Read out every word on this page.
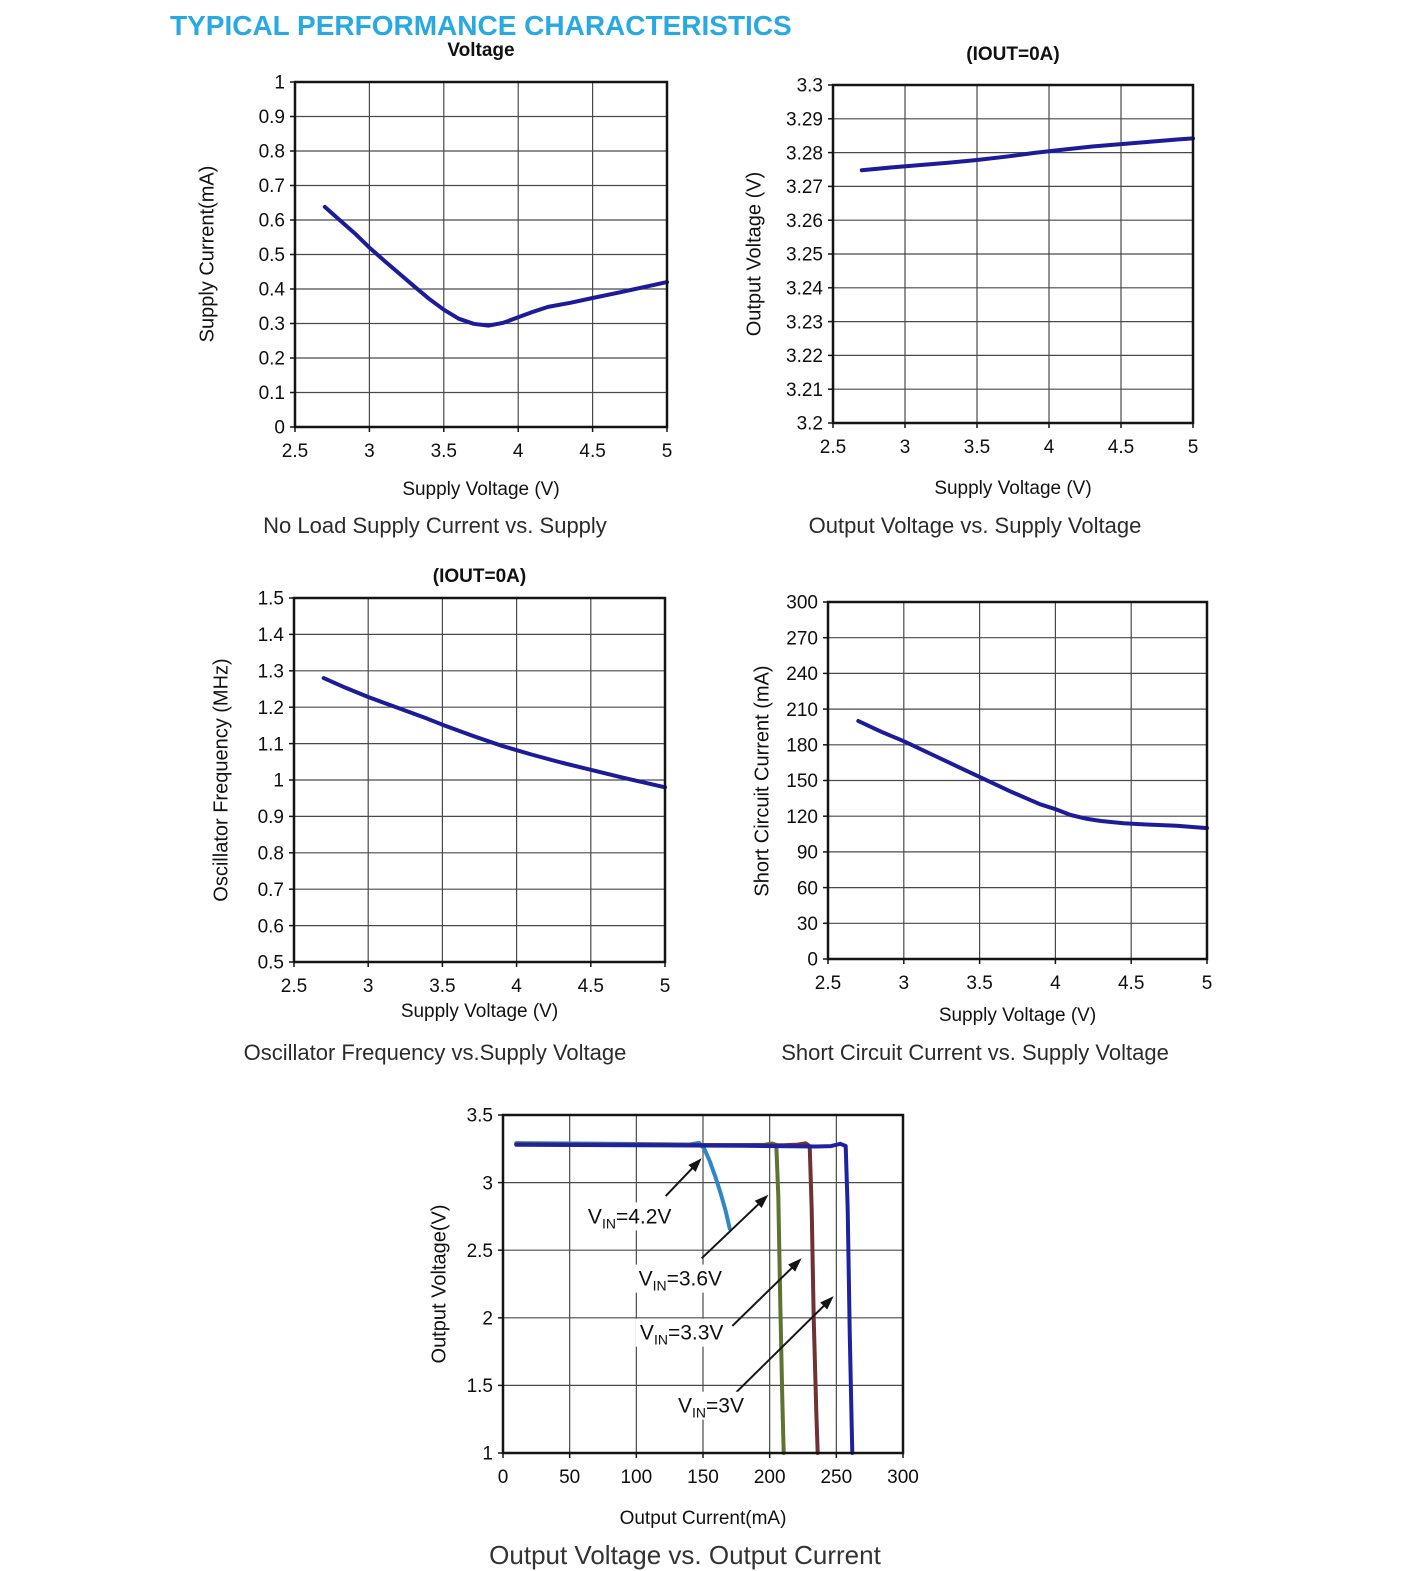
TYPICAL PERFORMANCE CHARACTERISTICS
Voltage
Supply Current(mA)
2.5	3	3.5	4	4.5	5
0
0.1
0.2
0.3
0.4
0.5
0.6
0.7
0.8
0.9
1
Supply Voltage (V)
No Load Supply Current vs. Supply
(IOUT=0A)
Output Voltage (V)
2.5	3	3.5	4	4.5	5
3.2
3.21
3.22
3.23
3.24
3.25
3.26
3.27
3.28
3.29
3.3
Supply Voltage (V)
Output Voltage vs. Supply Voltage
(IOUT=0A)
Oscillator Frequency (MHz)
2.5	3	3.5	4	4.5	5
0.5
0.6
0.7
0.8
0.9
1
1.1
1.2
1.3
1.4
1.5
Supply Voltage (V)
Oscillator Frequency vs.Supply Voltage
Short Circuit Current (mA)
2.5	3	3.5	4	4.5	5
0
30
60
90
120
150
180
210
240
270
300
Supply Voltage (V)
Short Circuit Current vs. Supply Voltage
Output Voltage(V)
0	50 100 150 200 250 300
1
1.5
2
2.5
3
3.5
$V_{IN}=4.2V$
$V_{IN}=3.6V$
$V_{IN}=3.3V$
$V_{IN}=3V$
Output Current(mA)
Output Voltage vs. Output Current
